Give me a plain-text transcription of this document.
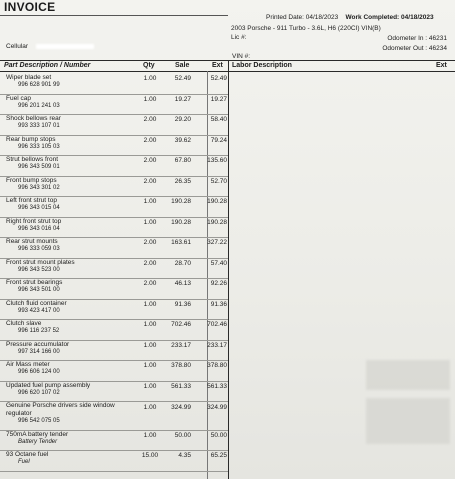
INVOICE
Printed Date: 04/18/2023 Work Completed: 04/18/2023
2003 Porsche - 911 Turbo - 3.6L, H6 (220CI) VIN(B)
Lic #:	Odometer In : 46231
Odometer Out : 46234
Cellular
VIN #:
Part Description / Number	Qty	Sale	Ext Labor Description	Ext
Wiper blade set
996 628 901 99
1.00	52.49	52.49
Fuel cap
996 201 241 03
1.00	19.27	19.27
Shock bellows rear
993 333 107 01
2.00	29.20	58.40
Rear bump stops
996 333 105 03
2.00	39.62	79.24
Strut bellows front
996 343 509 01
2.00	67.80	135.60
Front bump stops
996 343 301 02
2.00	26.35	52.70
Left front strut top
996 343 015 04
1.00	190.28	190.28
Right front strut top
996 343 016 04
1.00	190.28	190.28
Rear strut mounts
996 333 059 03
2.00	163.61	327.22
Front strut mount plates
996 343 523 00
2.00	28.70	57.40
Front strut bearings
996 343 501 00
2.00	46.13	92.26
Clutch fluid container
993 423 417 00
1.00	91.36	91.36
Clutch slave
996 116 237 52
1.00	702.46	702.46
Pressure accumulator
997 314 166 00
1.00	233.17	233.17
Air Mass meter
996 606 124 00
1.00	378.80	378.80
Updated fuel pump assembly
996 620 107 02
1.00	561.33	561.33
Genuine Porsche drivers side window regulator
996 542 075 05
1.00	324.99	324.99
750mA battery tender
Battery Tender
1.00	50.00	50.00
93 Octane fuel
Fuel
15.00	4.35	65.25
